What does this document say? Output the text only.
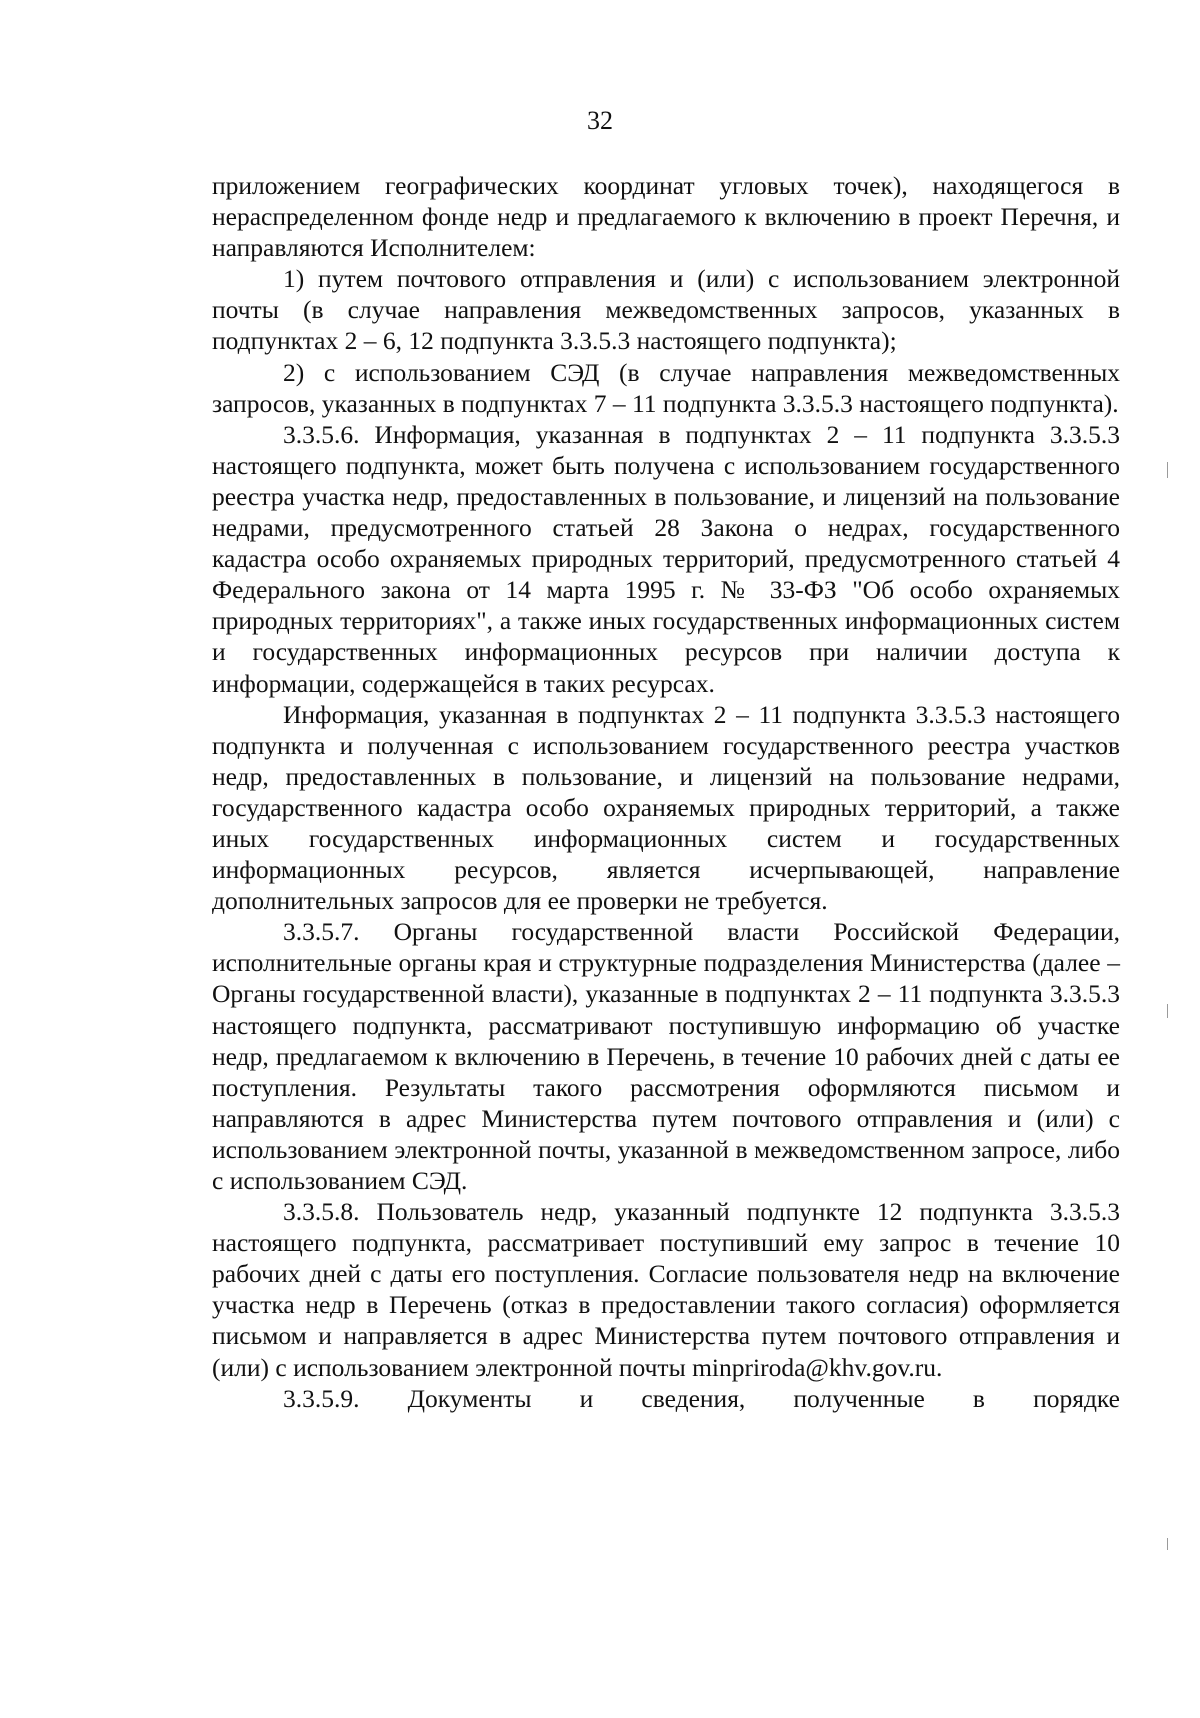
32

приложением географических координат угловых точек), находящегося в нераспределенном фонде недр и предлагаемого к включению в проект Перечня, и направляются Исполнителем:

1) путем почтового отправления и (или) с использованием электронной почты (в случае направления межведомственных запросов, указанных в подпунктах 2 – 6, 12 подпункта 3.3.5.3 настоящего подпункта);

2) с использованием СЭД (в случае направления межведомственных запросов, указанных в подпунктах 7 – 11 подпункта 3.3.5.3 настоящего подпункта).

3.3.5.6. Информация, указанная в подпунктах 2 – 11 подпункта 3.3.5.3 настоящего подпункта, может быть получена с использованием государственного реестра участка недр, предоставленных в пользование, и лицензий на пользование недрами, предусмотренного статьей 28 Закона о недрах, государственного кадастра особо охраняемых природных территорий, предусмотренного статьей 4 Федерального закона от 14 марта 1995 г. № 33-ФЗ "Об особо охраняемых природных территориях", а также иных государственных информационных систем и государственных информационных ресурсов при наличии доступа к информации, содержащейся в таких ресурсах.

Информация, указанная в подпунктах 2 – 11 подпункта 3.3.5.3 настоящего подпункта и полученная с использованием государственного реестра участков недр, предоставленных в пользование, и лицензий на пользование недрами, государственного кадастра особо охраняемых природных территорий, а также иных государственных информационных систем и государственных информационных ресурсов, является исчерпывающей, направление дополнительных запросов для ее проверки не требуется.

3.3.5.7. Органы государственной власти Российской Федерации, исполнительные органы края и структурные подразделения Министерства (далее – Органы государственной власти), указанные в подпунктах 2 – 11 подпункта 3.3.5.3 настоящего подпункта, рассматривают поступившую информацию об участке недр, предлагаемом к включению в Перечень, в течение 10 рабочих дней с даты ее поступления. Результаты такого рассмотрения оформляются письмом и направляются в адрес Министерства путем почтового отправления и (или) с использованием электронной почты, указанной в межведомственном запросе, либо с использованием СЭД.

3.3.5.8. Пользователь недр, указанный подпункте 12 подпункта 3.3.5.3 настоящего подпункта, рассматривает поступивший ему запрос в течение 10 рабочих дней с даты его поступления. Согласие пользователя недр на включение участка недр в Перечень (отказ в предоставлении такого согласия) оформляется письмом и направляется в адрес Министерства путем почтового отправления и (или) с использованием электронной почты minpriroda@khv.gov.ru.

3.3.5.9. Документы и сведения, полученные в порядке
